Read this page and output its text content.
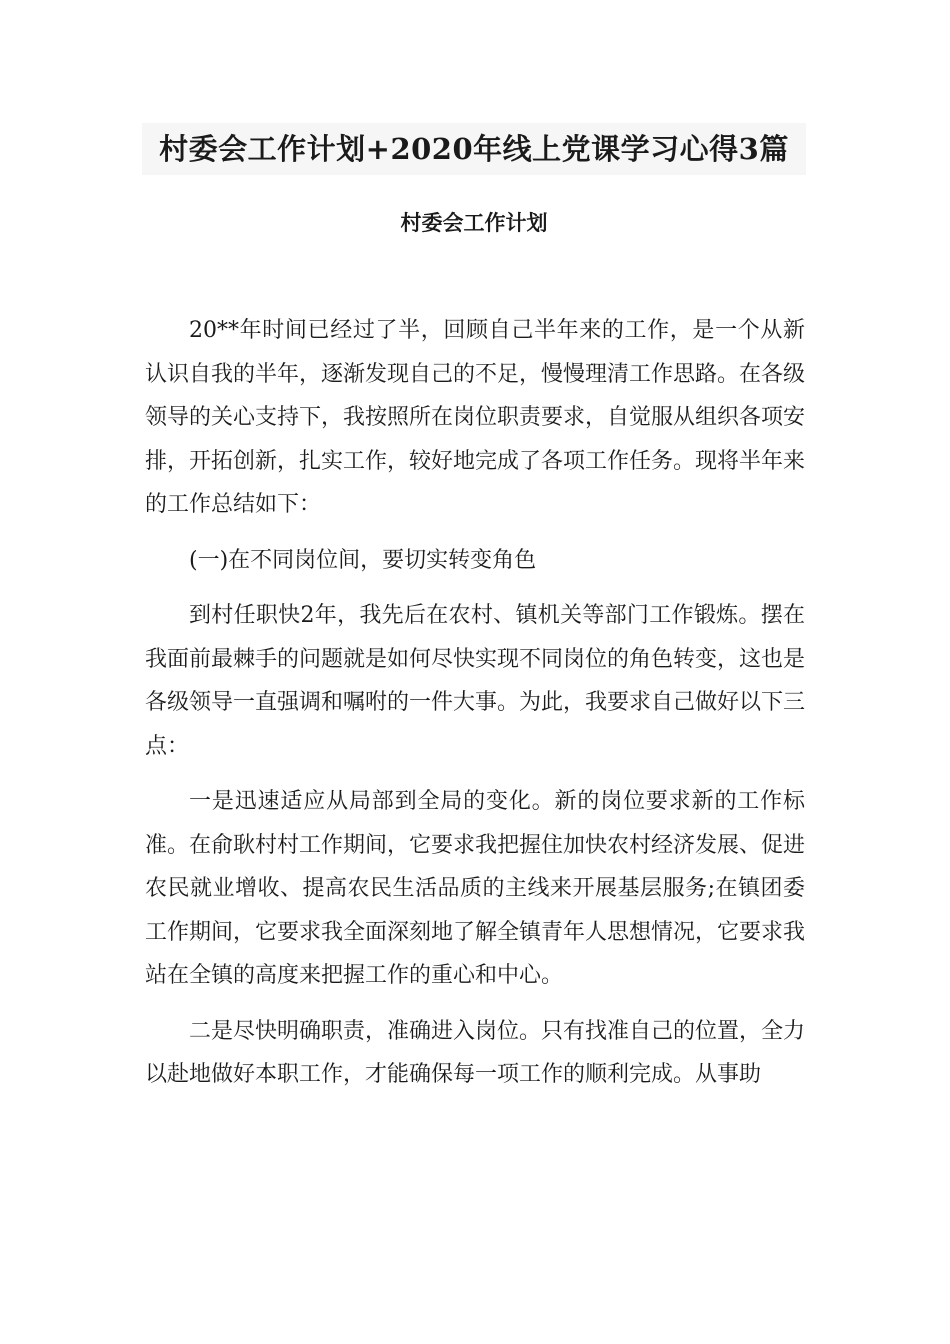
村委会工作计划+2020年线上党课学习心得3篇
村委会工作计划

20**年时间已经过了半，回顾自己半年来的工作，是一个从新认识自我的半年，逐渐发现自己的不足，慢慢理清工作思路。在各级领导的关心支持下，我按照所在岗位职责要求，自觉服从组织各项安排，开拓创新，扎实工作，较好地完成了各项工作任务。现将半年来的工作总结如下：

(一)在不同岗位间，要切实转变角色

到村任职快2年，我先后在农村、镇机关等部门工作锻炼。摆在我面前最棘手的问题就是如何尽快实现不同岗位的角色转变，这也是各级领导一直强调和嘱咐的一件大事。为此，我要求自己做好以下三点：

一是迅速适应从局部到全局的变化。新的岗位要求新的工作标准。在俞耿村村工作期间，它要求我把握住加快农村经济发展、促进农民就业增收、提高农民生活品质的主线来开展基层服务;在镇团委工作期间，它要求我全面深刻地了解全镇青年人思想情况，它要求我站在全镇的高度来把握工作的重心和中心。

二是尽快明确职责，准确进入岗位。只有找准自己的位置，全力以赴地做好本职工作，才能确保每一项工作的顺利完成。从事助
